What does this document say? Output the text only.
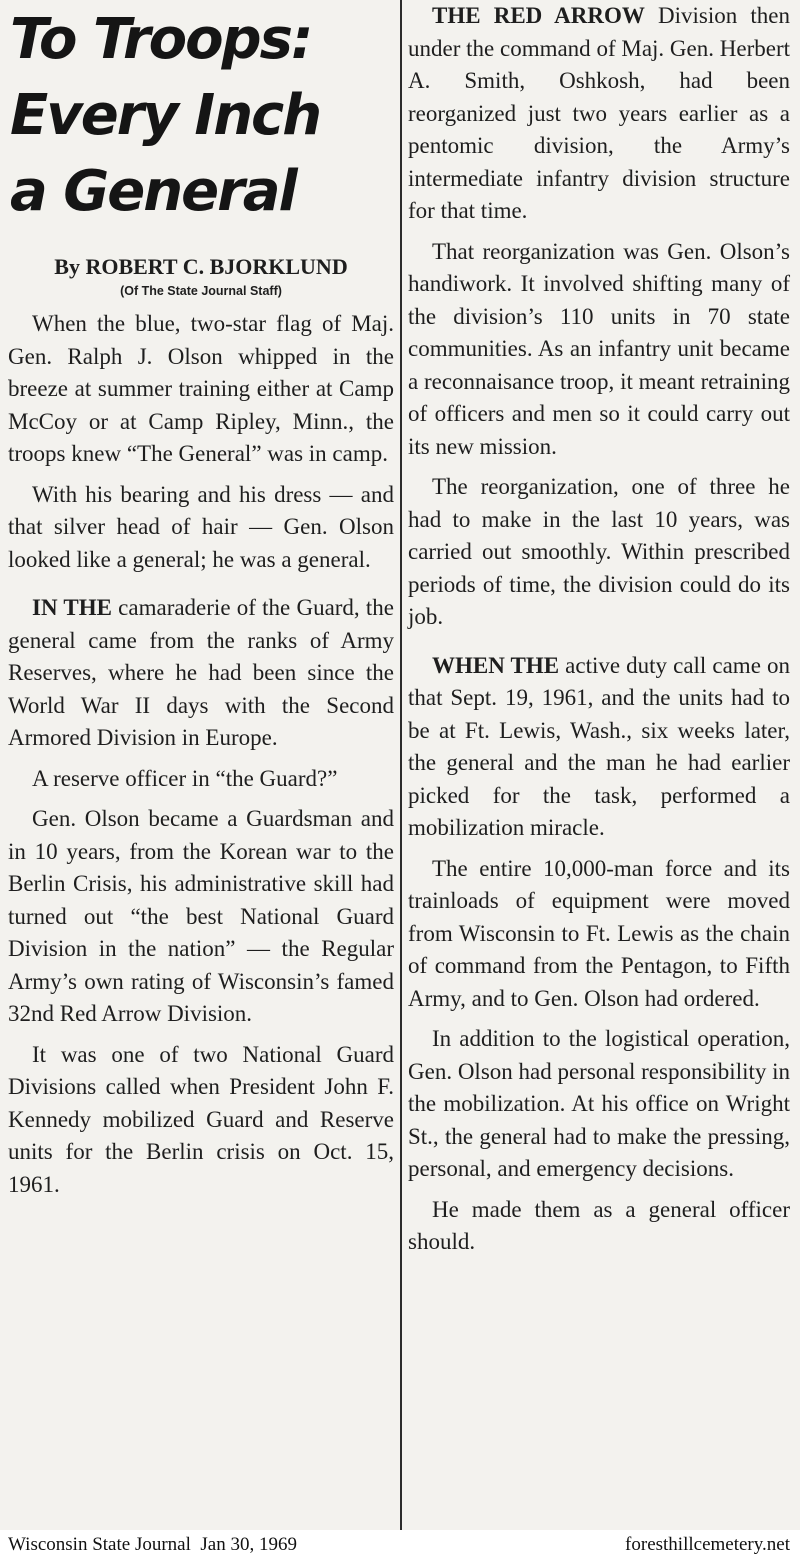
To Troops:
Every Inch
a General
By ROBERT C. BJORKLUND
(Of The State Journal Staff)

When the blue, two-star flag of Maj. Gen. Ralph J. Olson whipped in the breeze at summer training either at Camp McCoy or at Camp Ripley, Minn., the troops knew “The General” was in camp.

With his bearing and his dress — and that silver head of hair — Gen. Olson looked like a general; he was a general.

IN THE camaraderie of the Guard, the general came from the ranks of Army Reserves, where he had been since the World War II days with the Second Armored Division in Europe.

A reserve officer in “the Guard?”

Gen. Olson became a Guardsman and in 10 years, from the Korean war to the Berlin Crisis, his administrative skill had turned out “the best National Guard Division in the nation” — the Regular Army’s own rating of Wisconsin’s famed 32nd Red Arrow Division.

It was one of two National Guard Divisions called when President John F. Kennedy mobilized Guard and Reserve units for the Berlin crisis on Oct. 15, 1961.

THE RED ARROW Division then under the command of Maj. Gen. Herbert A. Smith, Oshkosh, had been reorganized just two years earlier as a pentomic division, the Army’s intermediate infantry division structure for that time.

That reorganization was Gen. Olson’s handiwork. It involved shifting many of the division’s 110 units in 70 state communities. As an infantry unit became a reconnaisance troop, it meant retraining of officers and men so it could carry out its new mission.

The reorganization, one of three he had to make in the last 10 years, was carried out smoothly. Within prescribed periods of time, the division could do its job.

WHEN THE active duty call came on that Sept. 19, 1961, and the units had to be at Ft. Lewis, Wash., six weeks later, the general and the man he had earlier picked for the task, performed a mobilization miracle.

The entire 10,000-man force and its trainloads of equipment were moved from Wisconsin to Ft. Lewis as the chain of command from the Pentagon, to Fifth Army, and to Gen. Olson had ordered.

In addition to the logistical operation, Gen. Olson had personal responsibility in the mobilization. At his office on Wright St., the general had to make the pressing, personal, and emergency decisions.

He made them as a general officer should.

Wisconsin State Journal  Jan 30, 1969	foresthillcemetery.net
